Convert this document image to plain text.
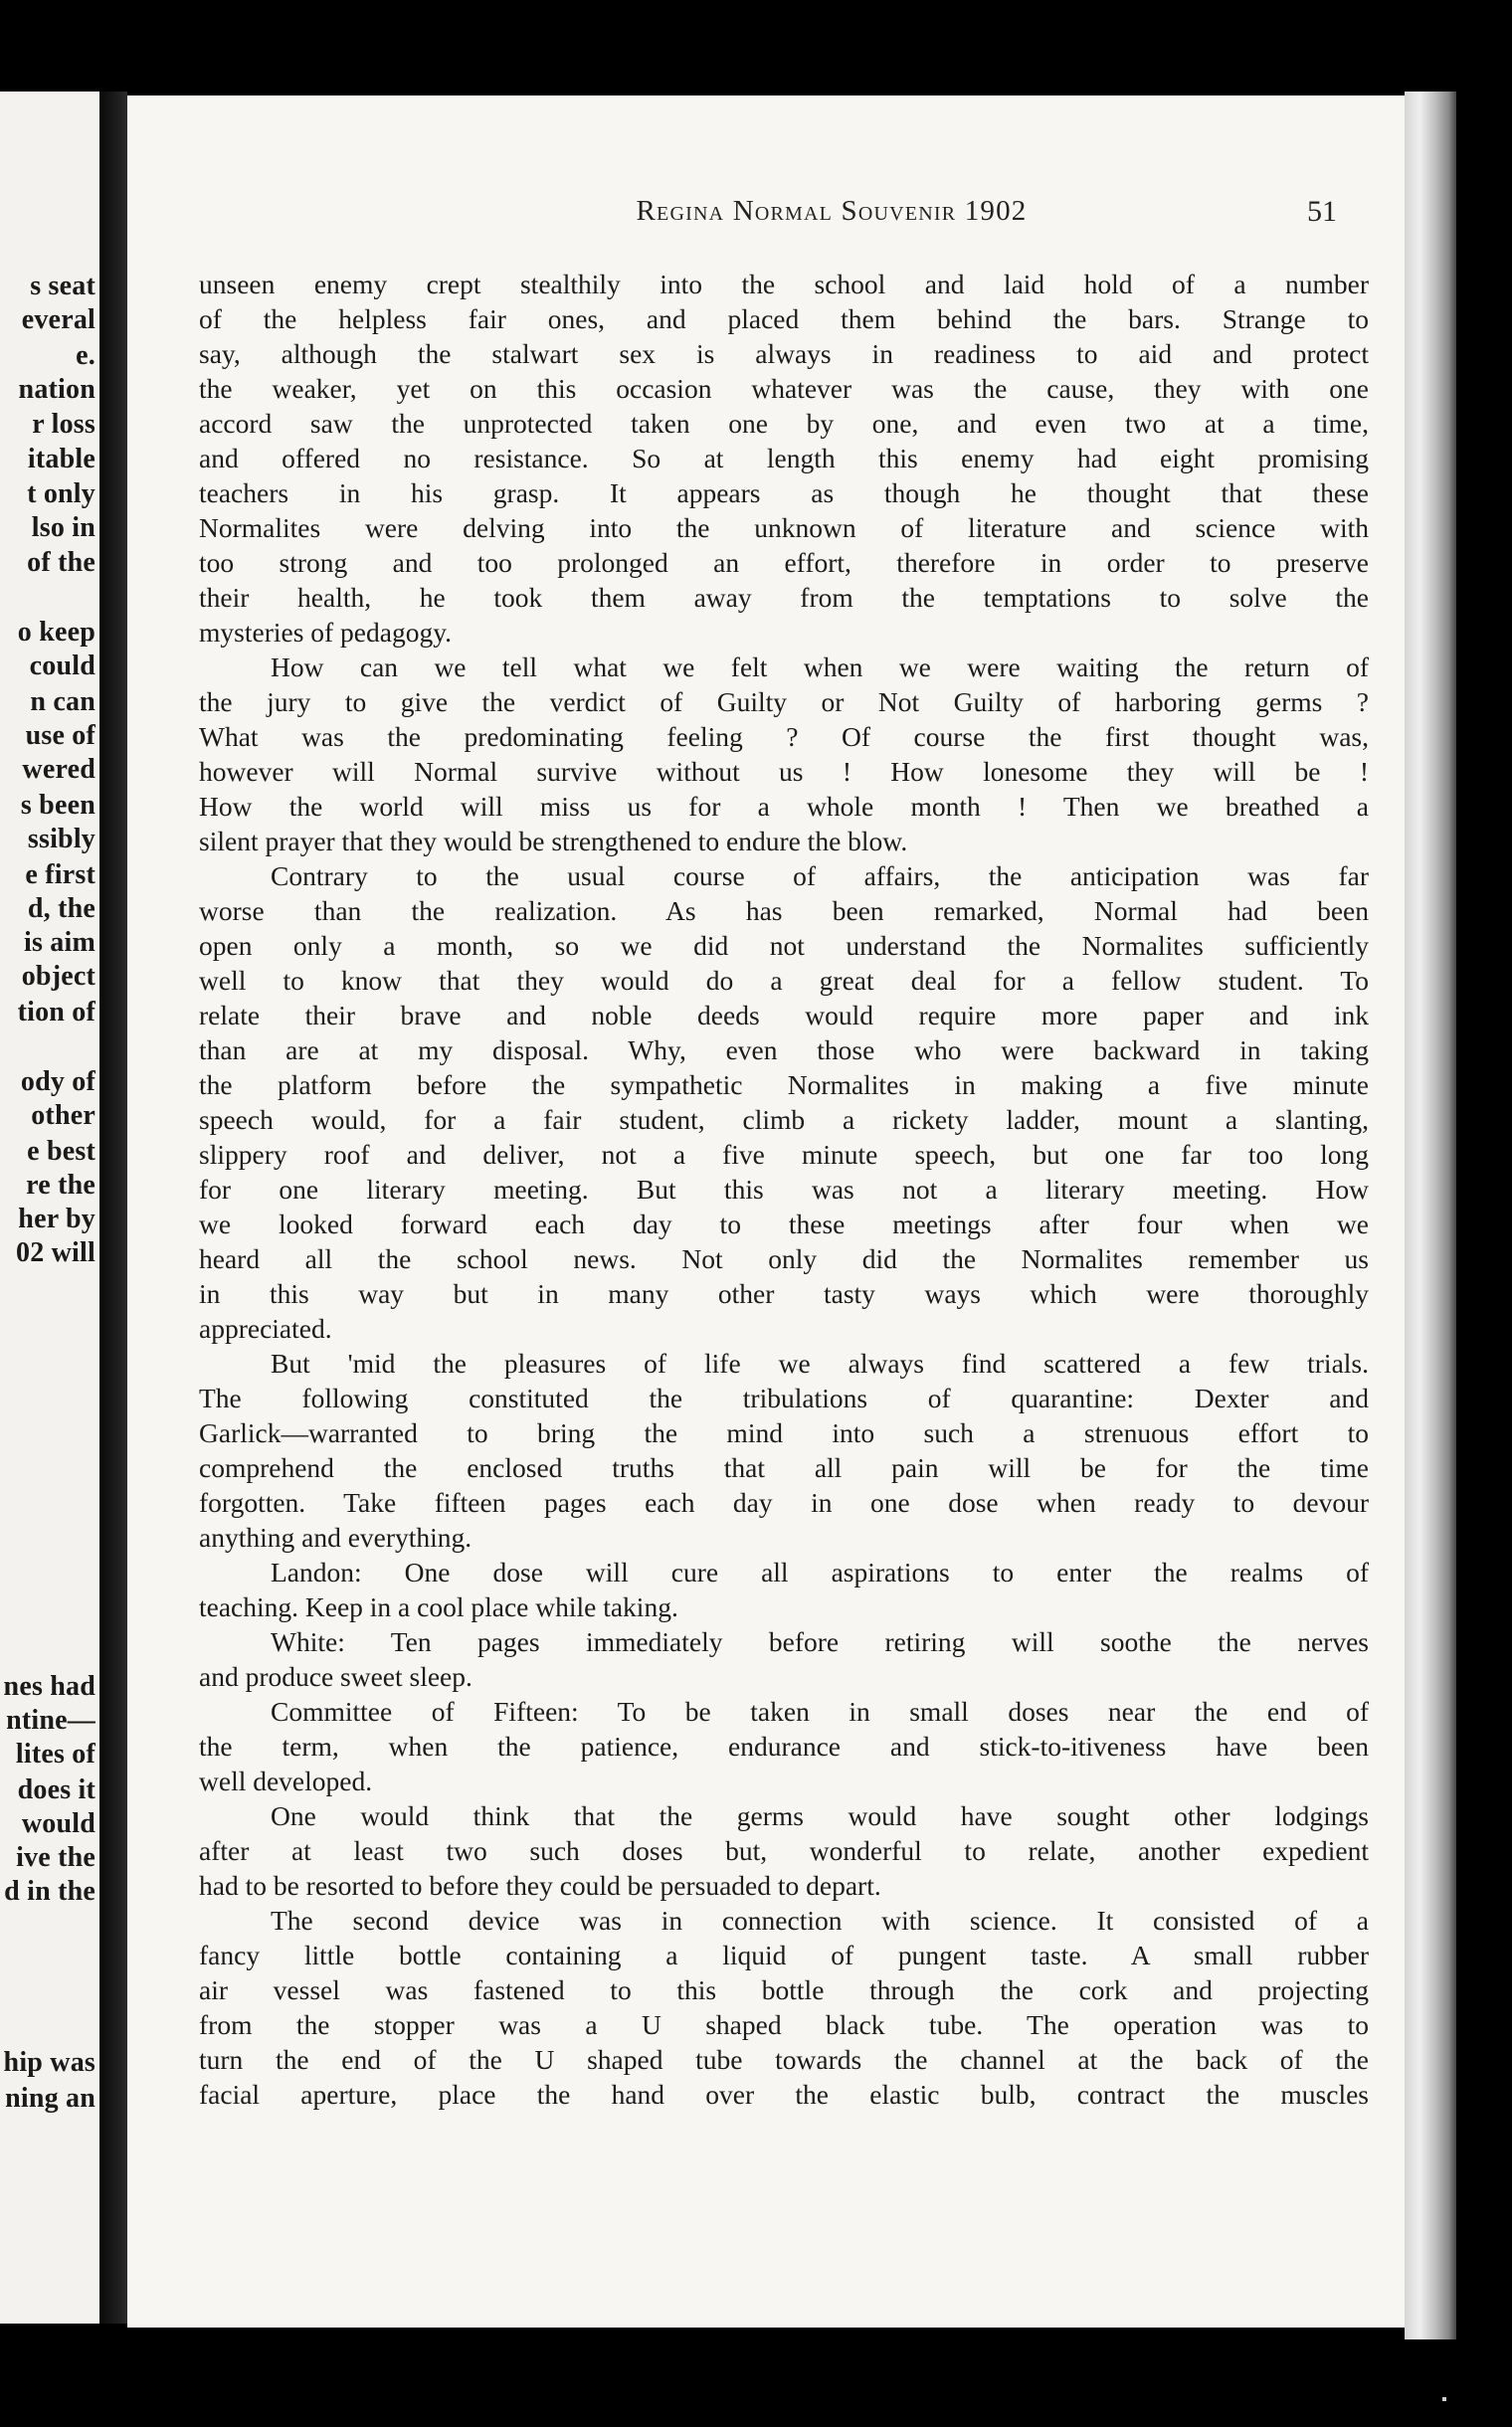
s seat

everal

e.

nation

r loss

itable

t only

lso in

of the

o keep

could

n can

use of

wered

s been

ssibly

e first

d, the

is aim

object

tion of

ody of

other

e best

re the

her by

02 will

nes had

ntine—

lites of

does it

would

ive the

d in the

hip was

ning an

Regina Normal Souvenir 1902	51

unseen enemy crept stealthily into the school and laid hold of a number

of the helpless fair ones, and placed them behind the bars. Strange to

say, although the stalwart sex is always in readiness to aid and protect

the weaker, yet on this occasion whatever was the cause, they with one

accord saw the unprotected taken one by one, and even two at a time,

and offered no resistance. So at length this enemy had eight promising

teachers in his grasp. It appears as though he thought that these

Normalites were delving into the unknown of literature and science with

too strong and too prolonged an effort, therefore in order to preserve

their health, he took them away from the temptations to solve the

mysteries of pedagogy.

How can we tell what we felt when we were waiting the return of

the jury to give the verdict of Guilty or Not Guilty of harboring germs ?

What was the predominating feeling ? Of course the first thought was,

however will Normal survive without us ! How lonesome they will be !

How the world will miss us for a whole month ! Then we breathed a

silent prayer that they would be strengthened to endure the blow.

Contrary to the usual course of affairs, the anticipation was far

worse than the realization. As has been remarked, Normal had been

open only a month, so we did not understand the Normalites sufficiently

well to know that they would do a great deal for a fellow student. To

relate their brave and noble deeds would require more paper and ink

than are at my disposal. Why, even those who were backward in taking

the platform before the sympathetic Normalites in making a five minute

speech would, for a fair student, climb a rickety ladder, mount a slanting,

slippery roof and deliver, not a five minute speech, but one far too long

for one literary meeting. But this was not a literary meeting. How

we looked forward each day to these meetings after four when we

heard all the school news. Not only did the Normalites remember us

in this way but in many other tasty ways which were thoroughly

appreciated.

But 'mid the pleasures of life we always find scattered a few trials.

The following constituted the tribulations of quarantine: Dexter and

Garlick—warranted to bring the mind into such a strenuous effort to

comprehend the enclosed truths that all pain will be for the time

forgotten. Take fifteen pages each day in one dose when ready to devour

anything and everything.

Landon: One dose will cure all aspirations to enter the realms of

teaching. Keep in a cool place while taking.

White: Ten pages immediately before retiring will soothe the nerves

and produce sweet sleep.

Committee of Fifteen: To be taken in small doses near the end of

the term, when the patience, endurance and stick-to-itiveness have been

well developed.

One would think that the germs would have sought other lodgings

after at least two such doses but, wonderful to relate, another expedient

had to be resorted to before they could be persuaded to depart.

The second device was in connection with science. It consisted of a

fancy little bottle containing a liquid of pungent taste. A small rubber

air vessel was fastened to this bottle through the cork and projecting

from the stopper was a U shaped black tube. The operation was to

turn the end of the U shaped tube towards the channel at the back of the

facial aperture, place the hand over the elastic bulb, contract the muscles
